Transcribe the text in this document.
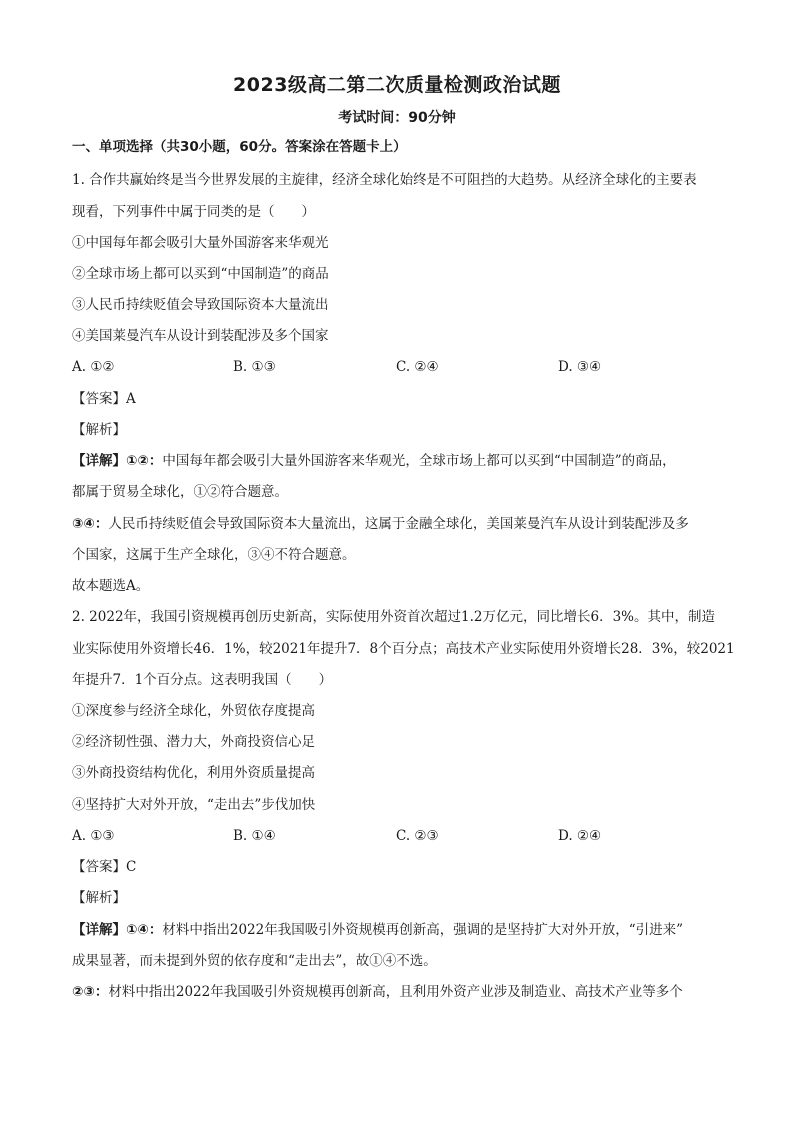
2023级高二第二次质量检测政治试题
考试时间：90分钟
一、单项选择（共30小题，60分。答案涂在答题卡上）
1. 合作共赢始终是当今世界发展的主旋律，经济全球化始终是不可阻挡的大趋势。从经济全球化的主要表
现看，下列事件中属于同类的是（　　）
①中国每年都会吸引大量外国游客来华观光
②全球市场上都可以买到“中国制造”的商品
③人民币持续贬值会导致国际资本大量流出
④美国莱曼汽车从设计到装配涉及多个国家
A. ①②	B. ①③	C. ②④	D. ③④
【答案】A
【解析】
【详解】①②：中国每年都会吸引大量外国游客来华观光，全球市场上都可以买到“中国制造”的商品，
都属于贸易全球化，①②符合题意。
③④：人民币持续贬值会导致国际资本大量流出，这属于金融全球化，美国莱曼汽车从设计到装配涉及多
个国家，这属于生产全球化，③④不符合题意。
故本题选A。
2. 2022年，我国引资规模再创历史新高，实际使用外资首次超过1.2万亿元，同比增长6．3%。其中，制造
业实际使用外资增长46．1%，较2021年提升7．8个百分点；高技术产业实际使用外资增长28．3%，较2021
年提升7．1个百分点。这表明我国（　　）
①深度参与经济全球化，外贸依存度提高
②经济韧性强、潜力大，外商投资信心足
③外商投资结构优化，利用外资质量提高
④坚持扩大对外开放，“走出去”步伐加快
A. ①③	B. ①④	C. ②③	D. ②④
【答案】C
【解析】
【详解】①④：材料中指出2022年我国吸引外资规模再创新高，强调的是坚持扩大对外开放，“引进来”
成果显著，而未提到外贸的依存度和“走出去”，故①④不选。
②③：材料中指出2022年我国吸引外资规模再创新高，且利用外资产业涉及制造业、高技术产业等多个
